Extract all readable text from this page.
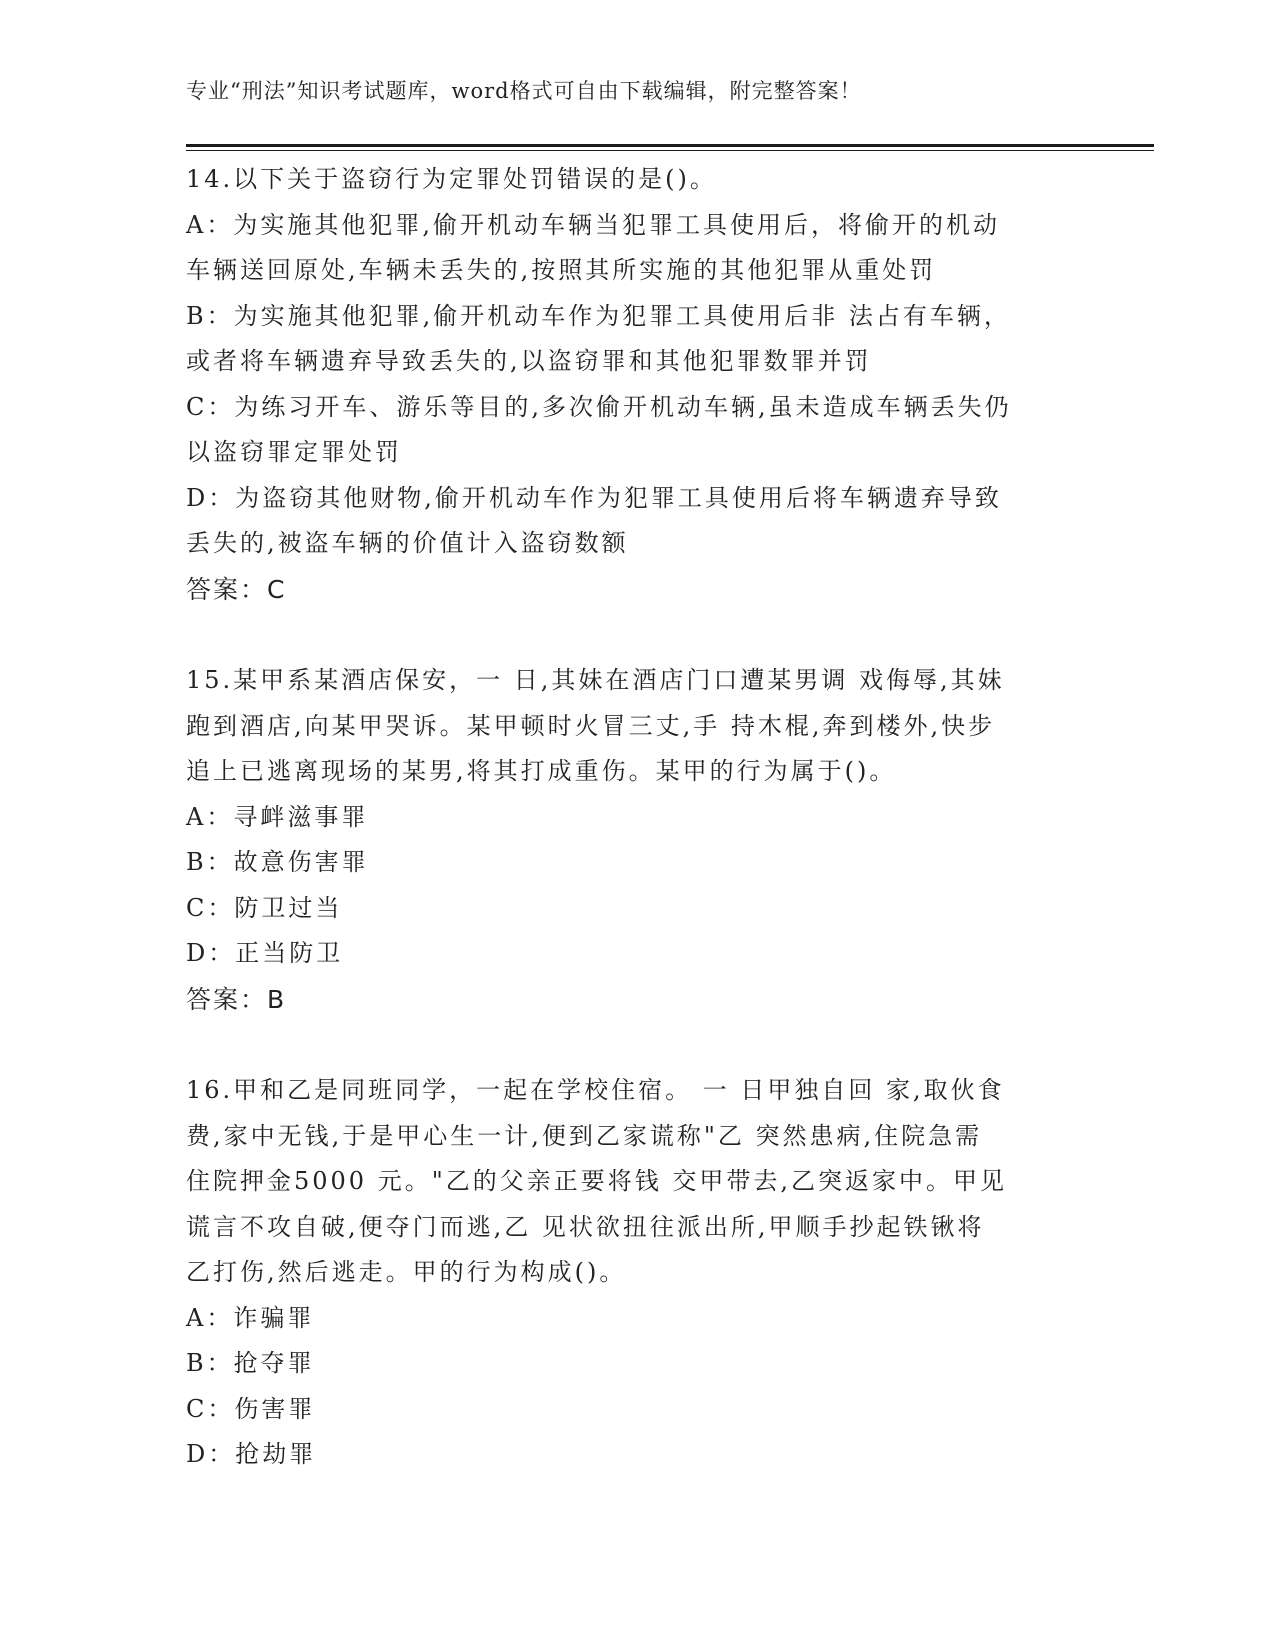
专业“刑法”知识考试题库，word格式可自由下载编辑，附完整答案！
14.以下关于盗窃行为定罪处罚错误的是()。
A：为实施其他犯罪,偷开机动车辆当犯罪工具使用后，将偷开的机动
车辆送回原处,车辆未丢失的,按照其所实施的其他犯罪从重处罚
B：为实施其他犯罪,偷开机动车作为犯罪工具使用后非 法占有车辆，
或者将车辆遗弃导致丢失的,以盗窃罪和其他犯罪数罪并罚
C：为练习开车、游乐等目的,多次偷开机动车辆,虽未造成车辆丢失仍
以盗窃罪定罪处罚
D：为盗窃其他财物,偷开机动车作为犯罪工具使用后将车辆遗弃导致
丢失的,被盗车辆的价值计入盗窃数额
答案：C
15.某甲系某酒店保安，一 日,其妹在酒店门口遭某男调 戏侮辱,其妹
跑到酒店,向某甲哭诉。某甲顿时火冒三丈,手 持木棍,奔到楼外,快步
追上已逃离现场的某男,将其打成重伤。某甲的行为属于()。
A：寻衅滋事罪
B：故意伤害罪
C：防卫过当
D：正当防卫
答案：B
16.甲和乙是同班同学，一起在学校住宿。 一 日甲独自回 家,取伙食
费,家中无钱,于是甲心生一计,便到乙家谎称"乙 突然患病,住院急需
住院押金5000 元。"乙的父亲正要将钱 交甲带去,乙突返家中。甲见
谎言不攻自破,便夺门而逃,乙 见状欲扭往派出所,甲顺手抄起铁锹将
乙打伤,然后逃走。甲的行为构成()。
A：诈骗罪
B：抢夺罪
C：伤害罪
D：抢劫罪
